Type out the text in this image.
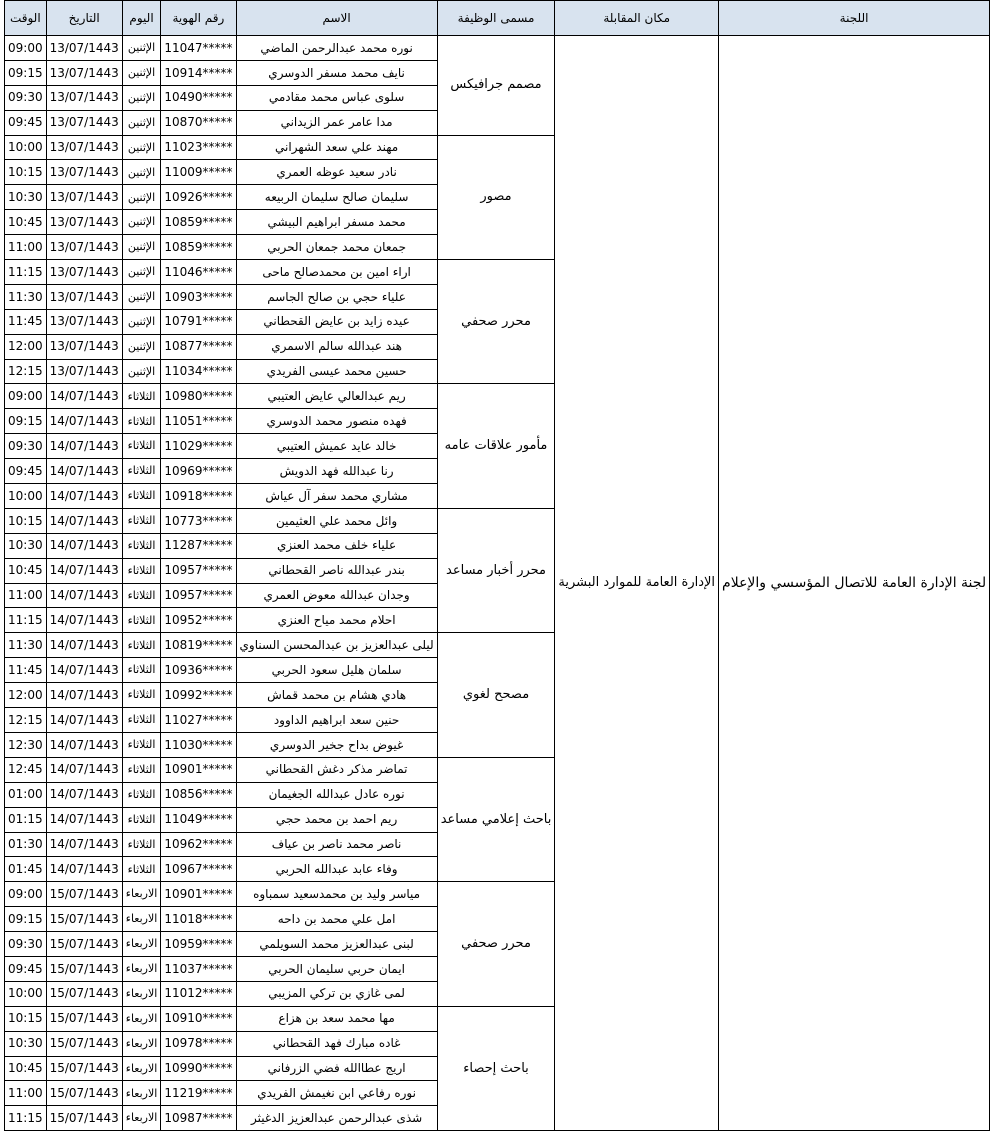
اللجنة	مكان المقابلة	مسمى الوظيفة	الاسم	رقم الهوية	اليوم	التاريخ	الوقت
لجنة الإدارة العامة للاتصال المؤسسي والإعلام	الإدارة العامة للموارد البشرية	مصمم جرافيكس	نوره محمد عبدالرحمن الماضي	11047*****	الإثنين	13/07/1443	09:00
			نايف محمد مسفر الدوسري	10914*****	الإثنين	13/07/1443	09:15
			سلوى عباس محمد مقادمي	10490*****	الإثنين	13/07/1443	09:30
			مدا عامر عمر الزيداني	10870*****	الإثنين	13/07/1443	09:45
		مصور	مهند علي سعد الشهراني	11023*****	الإثنين	13/07/1443	10:00
			نادر سعيد عوظه العمري	11009*****	الإثنين	13/07/1443	10:15
			سليمان صالح سليمان الربيعه	10926*****	الإثنين	13/07/1443	10:30
			محمد مسفر ابراهيم البيشي	10859*****	الإثنين	13/07/1443	10:45
			جمعان محمد جمعان الحربي	10859*****	الإثنين	13/07/1443	11:00
		محرر صحفي	اراء امين بن محمدصالح ماحى	11046*****	الإثنين	13/07/1443	11:15
			علياء حجي بن صالح الجاسم	10903*****	الإثنين	13/07/1443	11:30
			عيده زايد بن عايض القحطاني	10791*****	الإثنين	13/07/1443	11:45
			هند عبدالله سالم الاسمري	10877*****	الإثنين	13/07/1443	12:00
			حسين محمد عيسى الفريدي	11034*****	الإثنين	13/07/1443	12:15
		مأمور علاقات عامه	ريم عبدالعالي عايض العتيبي	10980*****	الثلاثاء	14/07/1443	09:00
			فهده منصور محمد الدوسري	11051*****	الثلاثاء	14/07/1443	09:15
			خالد عايد عميش العتيبي	11029*****	الثلاثاء	14/07/1443	09:30
			رنا عبدالله فهد الدويش	10969*****	الثلاثاء	14/07/1443	09:45
			مشاري محمد سفر آل عياش	10918*****	الثلاثاء	14/07/1443	10:00
		محرر أخبار مساعد	وائل محمد علي العثيمين	10773*****	الثلاثاء	14/07/1443	10:15
			علياء خلف محمد العنزي	11287*****	الثلاثاء	14/07/1443	10:30
			بندر عبدالله ناصر القحطاني	10957*****	الثلاثاء	14/07/1443	10:45
			وجدان عبدالله معوض العمري	10957*****	الثلاثاء	14/07/1443	11:00
			احلام محمد مياح العنزي	10952*****	الثلاثاء	14/07/1443	11:15
		مصحح لغوي	ليلى عبدالعزيز بن عبدالمحسن السناوي	10819*****	الثلاثاء	14/07/1443	11:30
			سلمان هليل سعود الحربي	10936*****	الثلاثاء	14/07/1443	11:45
			هادي هشام بن محمد قماش	10992*****	الثلاثاء	14/07/1443	12:00
			حنين سعد ابراهيم الداوود	11027*****	الثلاثاء	14/07/1443	12:15
			غيوض بداح جخير الدوسري	11030*****	الثلاثاء	14/07/1443	12:30
		باحث إعلامي مساعد	تماضر مذكر دغش القحطاني	10901*****	الثلاثاء	14/07/1443	12:45
			نوره عادل عبدالله الجغيمان	10856*****	الثلاثاء	14/07/1443	01:00
			ريم احمد بن محمد حجي	11049*****	الثلاثاء	14/07/1443	01:15
			ناصر محمد ناصر بن عياف	10962*****	الثلاثاء	14/07/1443	01:30
			وفاء عابد عبدالله الحربي	10967*****	الثلاثاء	14/07/1443	01:45
		محرر صحفي	مياسر وليد بن محمدسعيد سمباوه	10901*****	الاربعاء	15/07/1443	09:00
			امل علي محمد بن داحه	11018*****	الاربعاء	15/07/1443	09:15
			لبنى عبدالعزيز محمد السويلمي	10959*****	الاربعاء	15/07/1443	09:30
			ايمان حربي سليمان الحربي	11037*****	الاربعاء	15/07/1443	09:45
			لمى غازي بن تركي المزيبي	11012*****	الاربعاء	15/07/1443	10:00
		باحث إحصاء	مها محمد سعد بن هزاع	10910*****	الاربعاء	15/07/1443	10:15
			غاده مبارك فهد القحطاني	10978*****	الاربعاء	15/07/1443	10:30
			اريج عطاالله فضي الزرفاني	10990*****	الاربعاء	15/07/1443	10:45
			نوره رفاعي ابن نغيمش الفريدي	11219*****	الاربعاء	15/07/1443	11:00
			شذى عبدالرحمن عبدالعزيز الدغيثر	10987*****	الاربعاء	15/07/1443	11:15
